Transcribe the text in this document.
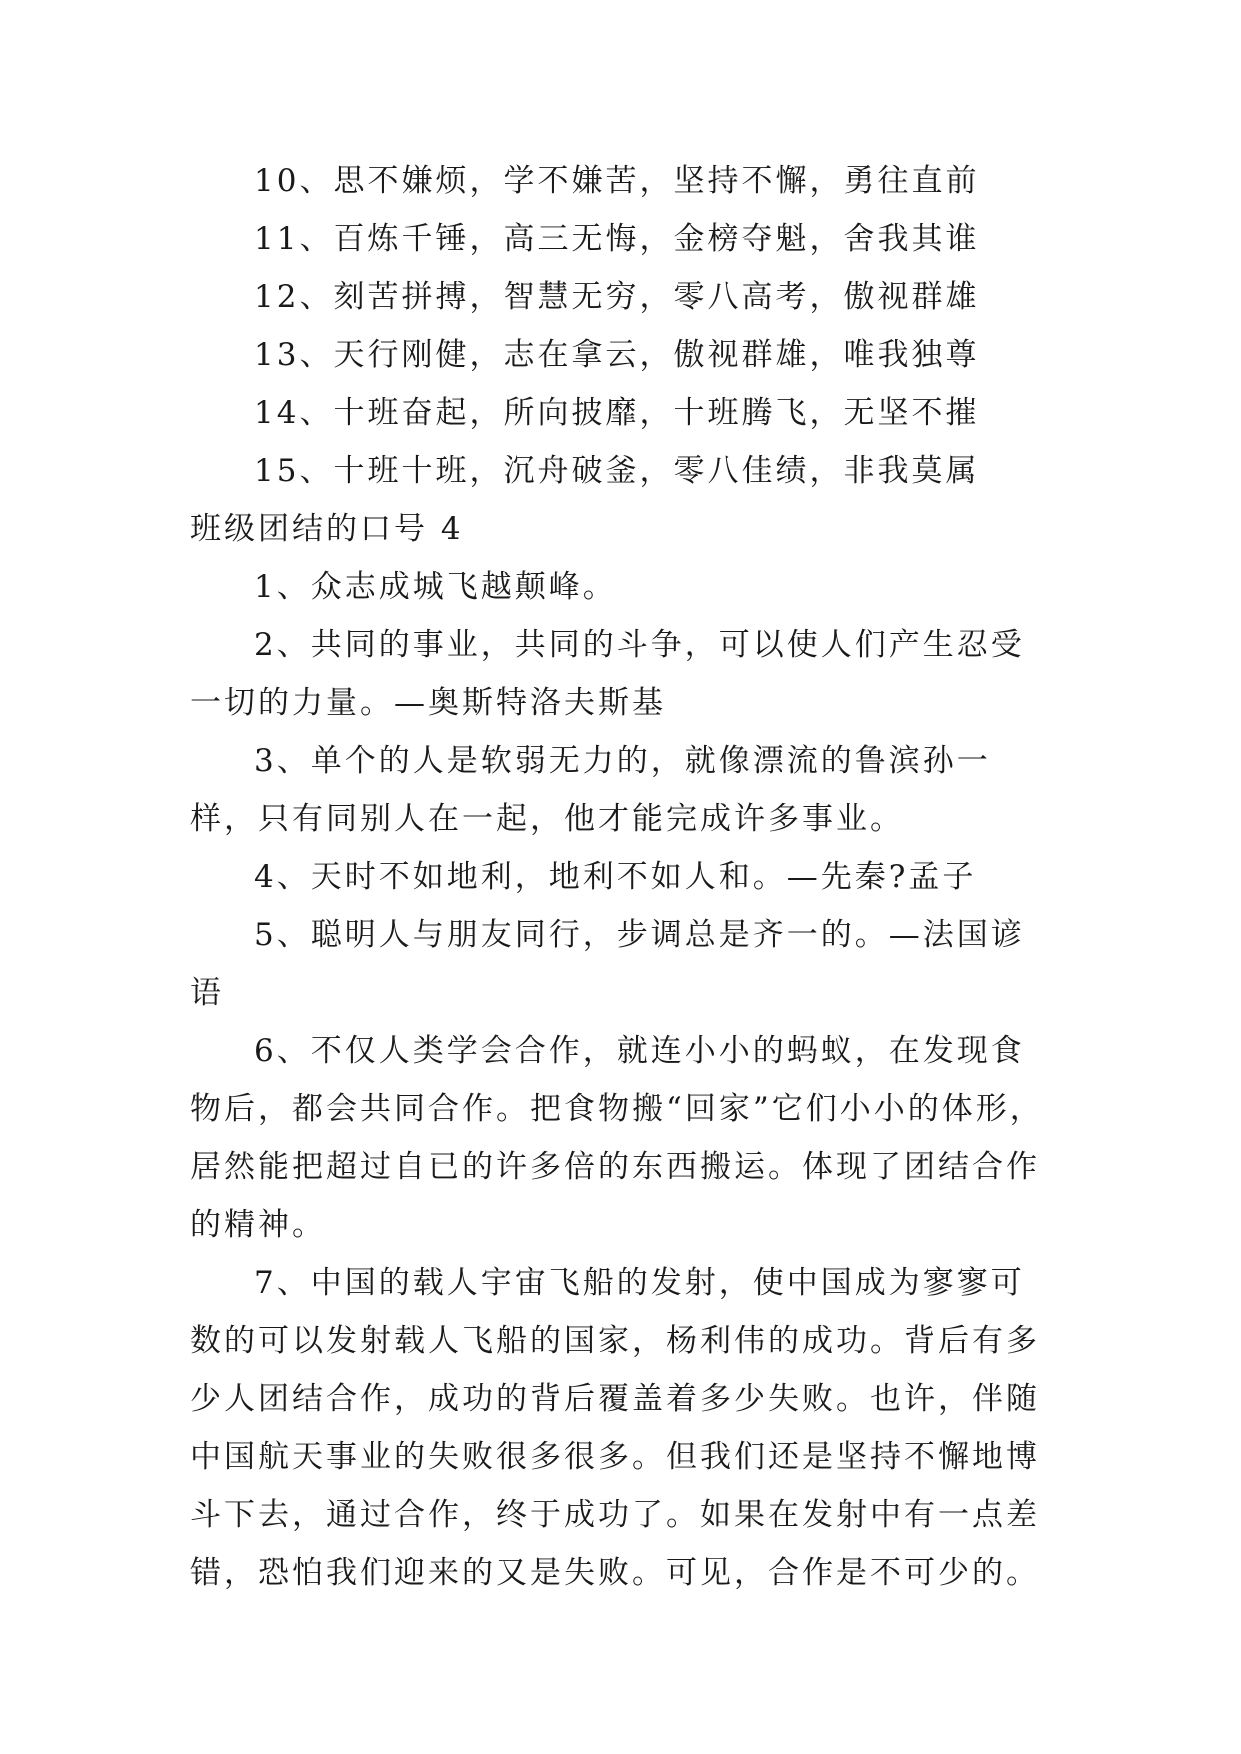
10、思不嫌烦，学不嫌苦，坚持不懈，勇往直前

11、百炼千锤，高三无悔，金榜夺魁，舍我其谁

12、刻苦拼搏，智慧无穷，零八高考，傲视群雄

13、天行刚健，志在拿云，傲视群雄，唯我独尊

14、十班奋起，所向披靡，十班腾飞，无坚不摧

15、十班十班，沉舟破釜，零八佳绩，非我莫属

班级团结的口号 4

1、众志成城飞越颠峰。

2、共同的事业，共同的斗争，可以使人们产生忍受一切的力量。—奥斯特洛夫斯基

3、单个的人是软弱无力的，就像漂流的鲁滨孙一样，只有同别人在一起，他才能完成许多事业。

4、天时不如地利，地利不如人和。—先秦?孟子

5、聪明人与朋友同行，步调总是齐一的。—法国谚语

6、不仅人类学会合作，就连小小的蚂蚁，在发现食物后，都会共同合作。把食物搬“回家”它们小小的体形，居然能把超过自已的许多倍的东西搬运。体现了团结合作的精神。

7、中国的载人宇宙飞船的发射，使中国成为寥寥可数的可以发射载人飞船的国家，杨利伟的成功。背后有多少人团结合作，成功的背后覆盖着多少失败。也许，伴随中国航天事业的失败很多很多。但我们还是坚持不懈地博斗下去，通过合作，终于成功了。如果在发射中有一点差错，恐怕我们迎来的又是失败。可见，合作是不可少的。
